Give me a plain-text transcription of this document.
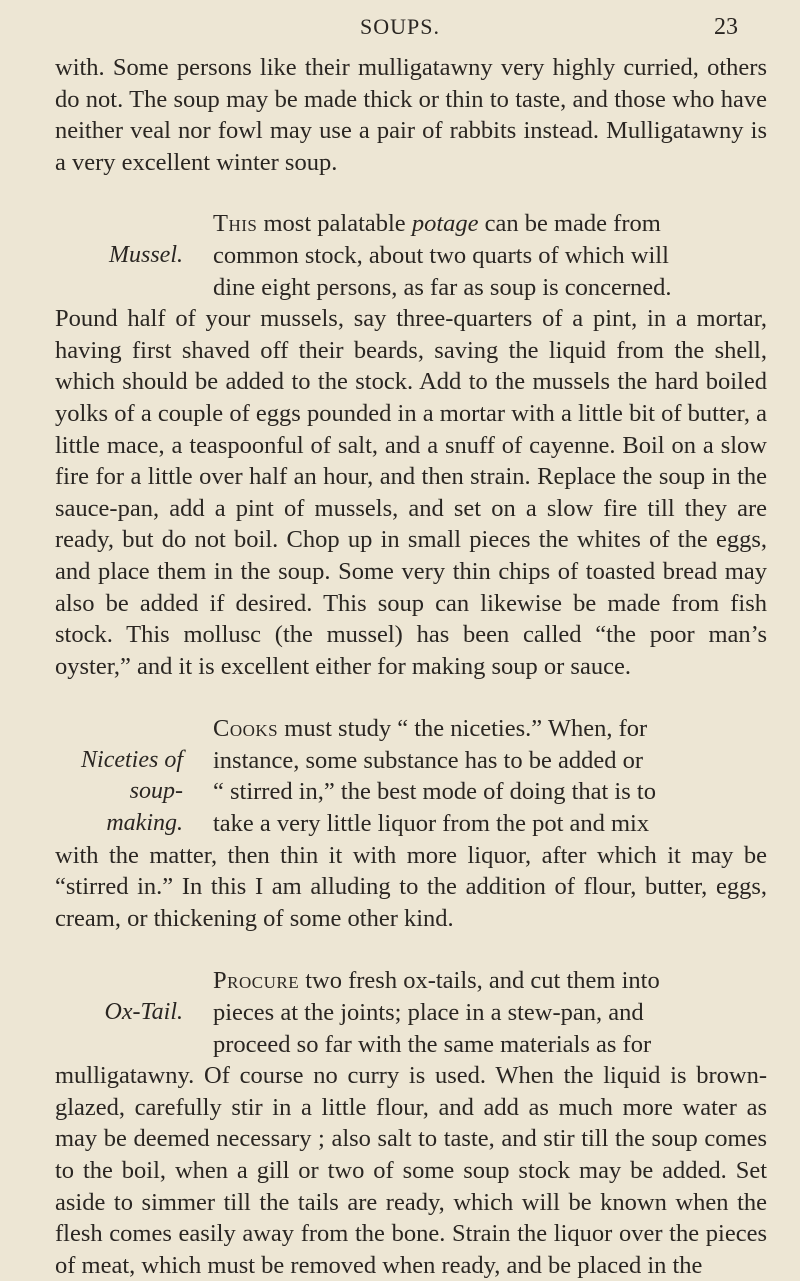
SOUPS.	23

with. Some persons like their mulligatawny very highly curried, others do not. The soup may be made thick or thin to taste, and those who have neither veal nor fowl may use a pair of rabbits instead. Mulligatawny is a very excellent winter soup.

Mussel.

This most palatable potage can be made from
common stock, about two quarts of which will
dine eight persons, as far as soup is concerned.
Pound half of your mussels, say three-quarters of a pint, in a mortar, having first shaved off their beards, saving the liquid from the shell, which should be added to the stock. Add to the mussels the hard boiled yolks of a couple of eggs pounded in a mortar with a little bit of butter, a little mace, a teaspoonful of salt, and a snuff of cayenne. Boil on a slow fire for a little over half an hour, and then strain. Replace the soup in the sauce-pan, add a pint of mussels, and set on a slow fire till they are ready, but do not boil. Chop up in small pieces the whites of the eggs, and place them in the soup. Some very thin chips of toasted bread may also be added if desired. This soup can likewise be made from fish stock. This mollusc (the mussel) has been called “the poor man’s oyster,” and it is excellent either for making soup or sauce.

Niceties of soup-
making.

Cooks must study “ the niceties.” When, for
instance, some substance has to be added or
“ stirred in,” the best mode of doing that is to
take a very little liquor from the pot and mix
with the matter, then thin it with more liquor, after which it may be “stirred in.” In this I am alluding to the addition of flour, butter, eggs, cream, or thickening of some other kind.

Ox-Tail.

Procure two fresh ox-tails, and cut them into
pieces at the joints; place in a stew-pan, and
proceed so far with the same materials as for
mulligatawny. Of course no curry is used. When the liquid is brown-glazed, carefully stir in a little flour, and add as much more water as may be deemed necessary ; also salt to taste, and stir till the soup comes to the boil, when a gill or two of some soup stock may be added. Set aside to simmer till the tails are ready, which will be known when the flesh comes easily away from the bone. Strain the liquor over the pieces of meat, which must be removed when ready, and be placed in the
